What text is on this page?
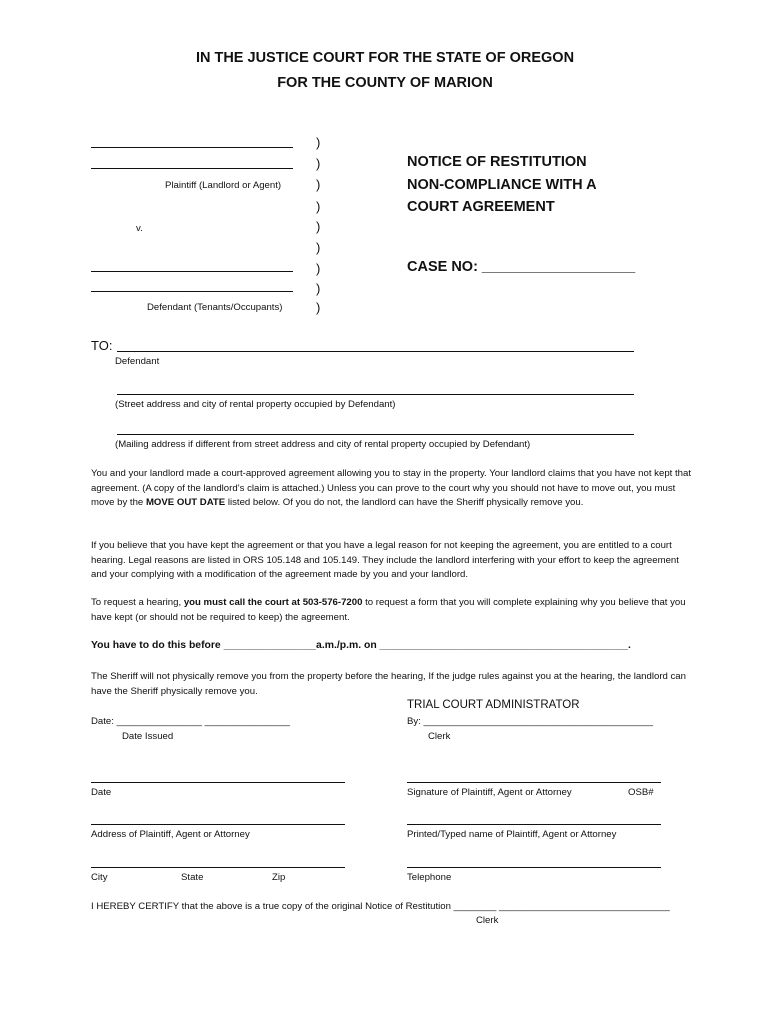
IN THE JUSTICE COURT FOR THE STATE OF OREGON
FOR THE COUNTY OF MARION
Plaintiff (Landlord or Agent)
v.
Defendant (Tenants/Occupants)
)
)
)
)
)
)
)
)
)
NOTICE OF RESTITUTION
NON-COMPLIANCE WITH A
COURT AGREEMENT
CASE NO: ___________________
TO:
Defendant
(Street address and city of rental property occupied by Defendant)
(Mailing address if different from street address and city of rental property occupied by Defendant)
You and your landlord made a court-approved agreement allowing you to stay in the property. Your landlord claims that you have not kept that agreement. (A copy of the landlord’s claim is attached.) Unless you can prove to the court why you should not have to move out, you must move by the MOVE OUT DATE listed below. Of you do not, the landlord can have the Sheriff physically remove you.
If you believe that you have kept the agreement or that you have a legal reason for not keeping the agreement, you are entitled to a court hearing. Legal reasons are listed in ORS 105.148 and 105.149. They include the landlord interfering with your effort to keep the agreement and your complying with a modification of the agreement made by you and your landlord.
To request a hearing, you must call the court at 503-576-7200 to request a form that you will complete explaining why you believe that you have kept (or should not be required to keep) the agreement.
You have to do this before ________________a.m./p.m. on ___________________________________________.
The Sheriff will not physically remove you from the property before the hearing, If the judge rules against you at the hearing, the landlord can have the Sheriff physically remove you.
TRIAL COURT ADMINISTRATOR
Date: ________________ ________________
Date Issued
By: ___________________________________________
Clerk
Date	Signature of Plaintiff, Agent or Attorney	OSB#
Address of Plaintiff, Agent or Attorney	Printed/Typed name of Plaintiff, Agent or Attorney
City	State	Zip	Telephone
I HEREBY CERTIFY that the above is a true copy of the original Notice of Restitution ________ ________________________________
Clerk
